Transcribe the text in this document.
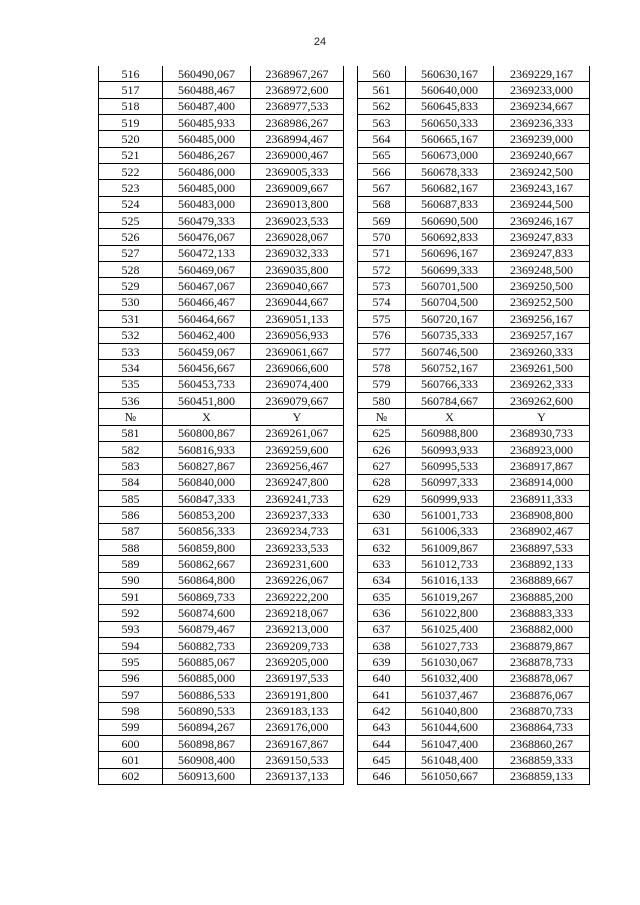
24
516	560490,067	2368967,267		560	560630,167	2369229,167
517	560488,467	2368972,600		561	560640,000	2369233,000
518	560487,400	2368977,533		562	560645,833	2369234,667
519	560485,933	2368986,267		563	560650,333	2369236,333
520	560485,000	2368994,467		564	560665,167	2369239,000
521	560486,267	2369000,467		565	560673,000	2369240,667
522	560486,000	2369005,333		566	560678,333	2369242,500
523	560485,000	2369009,667		567	560682,167	2369243,167
524	560483,000	2369013,800		568	560687,833	2369244,500
525	560479,333	2369023,533		569	560690,500	2369246,167
526	560476,067	2369028,067		570	560692,833	2369247,833
527	560472,133	2369032,333		571	560696,167	2369247,833
528	560469,067	2369035,800		572	560699,333	2369248,500
529	560467,067	2369040,667		573	560701,500	2369250,500
530	560466,467	2369044,667		574	560704,500	2369252,500
531	560464,667	2369051,133		575	560720,167	2369256,167
532	560462,400	2369056,933		576	560735,333	2369257,167
533	560459,067	2369061,667		577	560746,500	2369260,333
534	560456,667	2369066,600		578	560752,167	2369261,500
535	560453,733	2369074,400		579	560766,333	2369262,333
536	560451,800	2369079,667		580	560784,667	2369262,600
№	X	Y		№	X	Y
581	560800,867	2369261,067		625	560988,800	2368930,733
582	560816,933	2369259,600		626	560993,933	2368923,000
583	560827,867	2369256,467		627	560995,533	2368917,867
584	560840,000	2369247,800		628	560997,333	2368914,000
585	560847,333	2369241,733		629	560999,933	2368911,333
586	560853,200	2369237,333		630	561001,733	2368908,800
587	560856,333	2369234,733		631	561006,333	2368902,467
588	560859,800	2369233,533		632	561009,867	2368897,533
589	560862,667	2369231,600		633	561012,733	2368892,133
590	560864,800	2369226,067		634	561016,133	2368889,667
591	560869,733	2369222,200		635	561019,267	2368885,200
592	560874,600	2369218,067		636	561022,800	2368883,333
593	560879,467	2369213,000		637	561025,400	2368882,000
594	560882,733	2369209,733		638	561027,733	2368879,867
595	560885,067	2369205,000		639	561030,067	2368878,733
596	560885,000	2369197,533		640	561032,400	2368878,067
597	560886,533	2369191,800		641	561037,467	2368876,067
598	560890,533	2369183,133		642	561040,800	2368870,733
599	560894,267	2369176,000		643	561044,600	2368864,733
600	560898,867	2369167,867		644	561047,400	2368860,267
601	560908,400	2369150,533		645	561048,400	2368859,333
602	560913,600	2369137,133		646	561050,667	2368859,133
